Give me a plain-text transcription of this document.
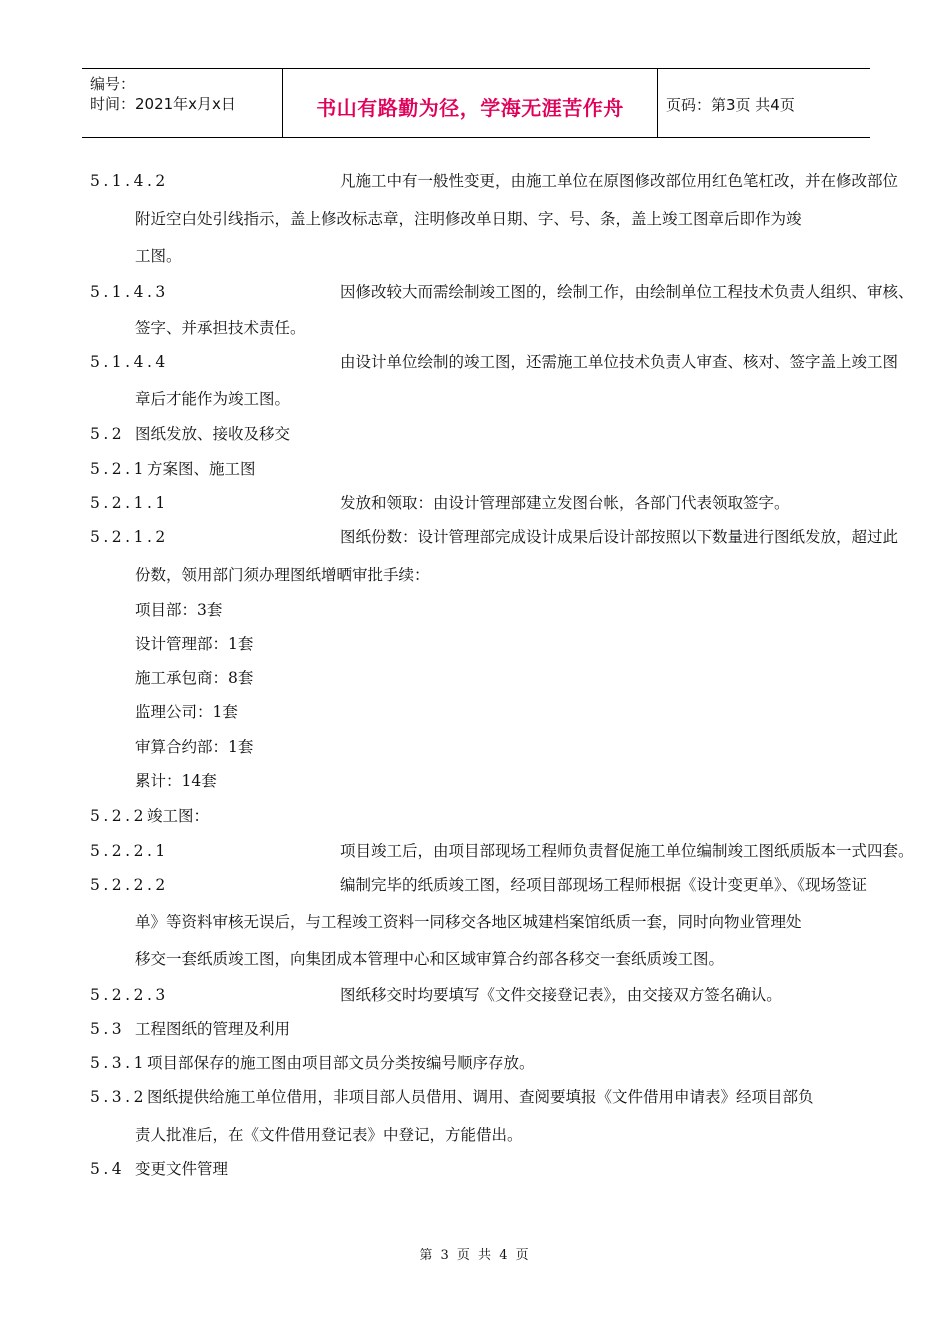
编号：
时间：2021年x月x日	书山有路勤为径，学海无涯苦作舟	页码：第3页 共4页
5.1.4.2	凡施工中有一般性变更，由施工单位在原图修改部位用红色笔杠改，并在修改部位
附近空白处引线指示，盖上修改标志章，注明修改单日期、字、号、条，盖上竣工图章后即作为竣
工图。
5.1.4.3	因修改较大而需绘制竣工图的，绘制工作，由绘制单位工程技术负责人组织、审核、
签字、并承担技术责任。
5.1.4.4	由设计单位绘制的竣工图，还需施工单位技术负责人审查、核对、签字盖上竣工图
章后才能作为竣工图。
5.2 图纸发放、接收及移交
5.2.1方案图、施工图
5.2.1.1	发放和领取：由设计管理部建立发图台帐，各部门代表领取签字。
5.2.1.2	图纸份数：设计管理部完成设计成果后设计部按照以下数量进行图纸发放，超过此
份数，领用部门须办理图纸增晒审批手续：
项目部：3套
设计管理部：1套
施工承包商：8套
监理公司：1套
审算合约部：1套
累计：14套
5.2.2竣工图：
5.2.2.1	项目竣工后，由项目部现场工程师负责督促施工单位编制竣工图纸质版本一式四套。
5.2.2.2	编制完毕的纸质竣工图，经项目部现场工程师根据《设计变更单》、《现场签证
单》等资料审核无误后，与工程竣工资料一同移交各地区城建档案馆纸质一套，同时向物业管理处
移交一套纸质竣工图，向集团成本管理中心和区域审算合约部各移交一套纸质竣工图。
5.2.2.3	图纸移交时均要填写《文件交接登记表》，由交接双方签名确认。
5.3 工程图纸的管理及利用
5.3.1项目部保存的施工图由项目部文员分类按编号顺序存放。
5.3.2图纸提供给施工单位借用，非项目部人员借用、调用、查阅要填报《文件借用申请表》经项目部负
责人批准后，在《文件借用登记表》中登记，方能借出。
5.4 变更文件管理
第 3 页 共 4 页
